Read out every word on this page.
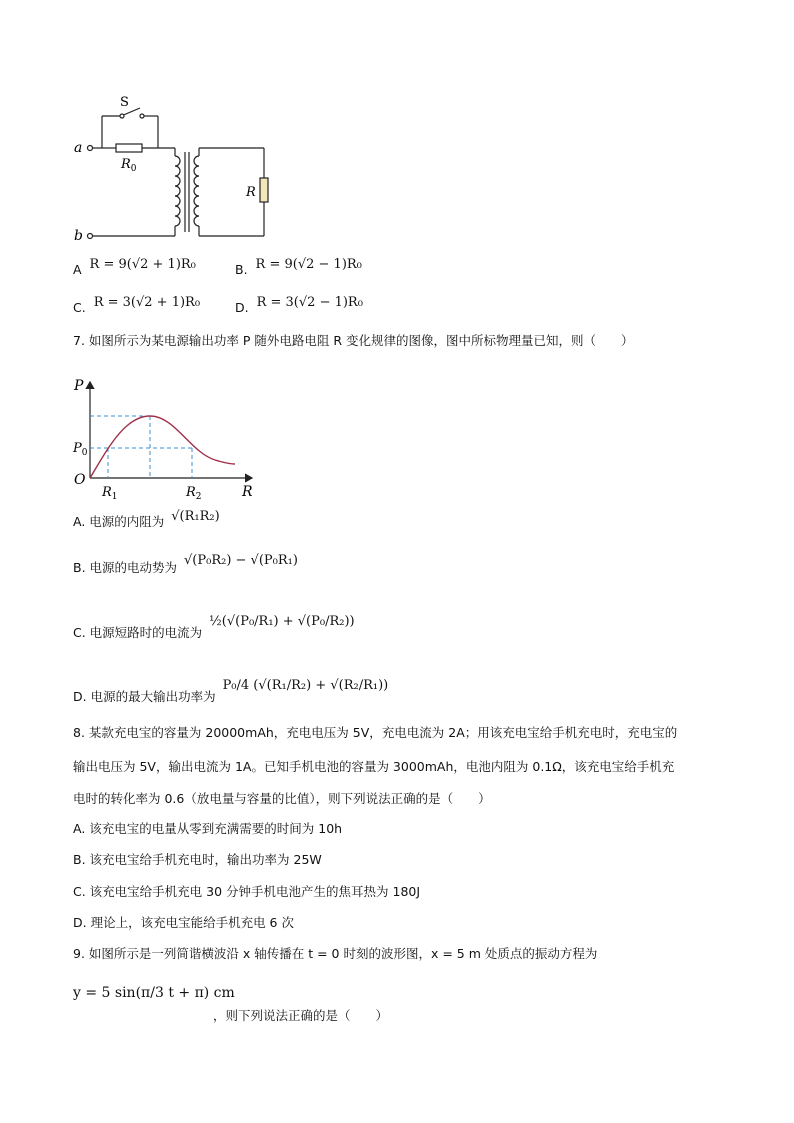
S
a
b
$R_0$
R
A R = 9(√2 + 1)R₀	B. R = 9(√2 − 1)R₀
C. R = 3(√2 + 1)R₀	D. R = 3(√2 − 1)R₀
7. 如图所示为某电源输出功率 P 随外电路电阻 R 变化规律的图像，图中所标物理量已知，则（　　）
P
R
O
$P_0$
$R_1$	$R_2$
A. 电源的内阻为 √(R₁R₂)
B. 电源的电动势为 √(P₀R₂) − √(P₀R₁)
C. 电源短路时的电流为 ½(√(P₀/R₁) + √(P₀/R₂))
D. 电源的最大输出功率为 P₀/4 (√(R₁/R₂) + √(R₂/R₁))
8. 某款充电宝的容量为 20000mAh，充电电压为 5V，充电电流为 2A；用该充电宝给手机充电时，充电宝的
输出电压为 5V，输出电流为 1A。已知手机电池的容量为 3000mAh，电池内阻为 0.1Ω，该充电宝给手机充
电时的转化率为 0.6（放电量与容量的比值），则下列说法正确的是（　　）
A. 该充电宝的电量从零到充满需要的时间为 10h
B. 该充电宝给手机充电时，输出功率为 25W
C. 该充电宝给手机充电 30 分钟手机电池产生的焦耳热为 180J
D. 理论上，该充电宝能给手机充电 6 次
9. 如图所示是一列简谐横波沿 x 轴传播在 t = 0 时刻的波形图，x = 5 m 处质点的振动方程为
y = 5 sin(π/3 t + π) cm
，则下列说法正确的是（　　）
